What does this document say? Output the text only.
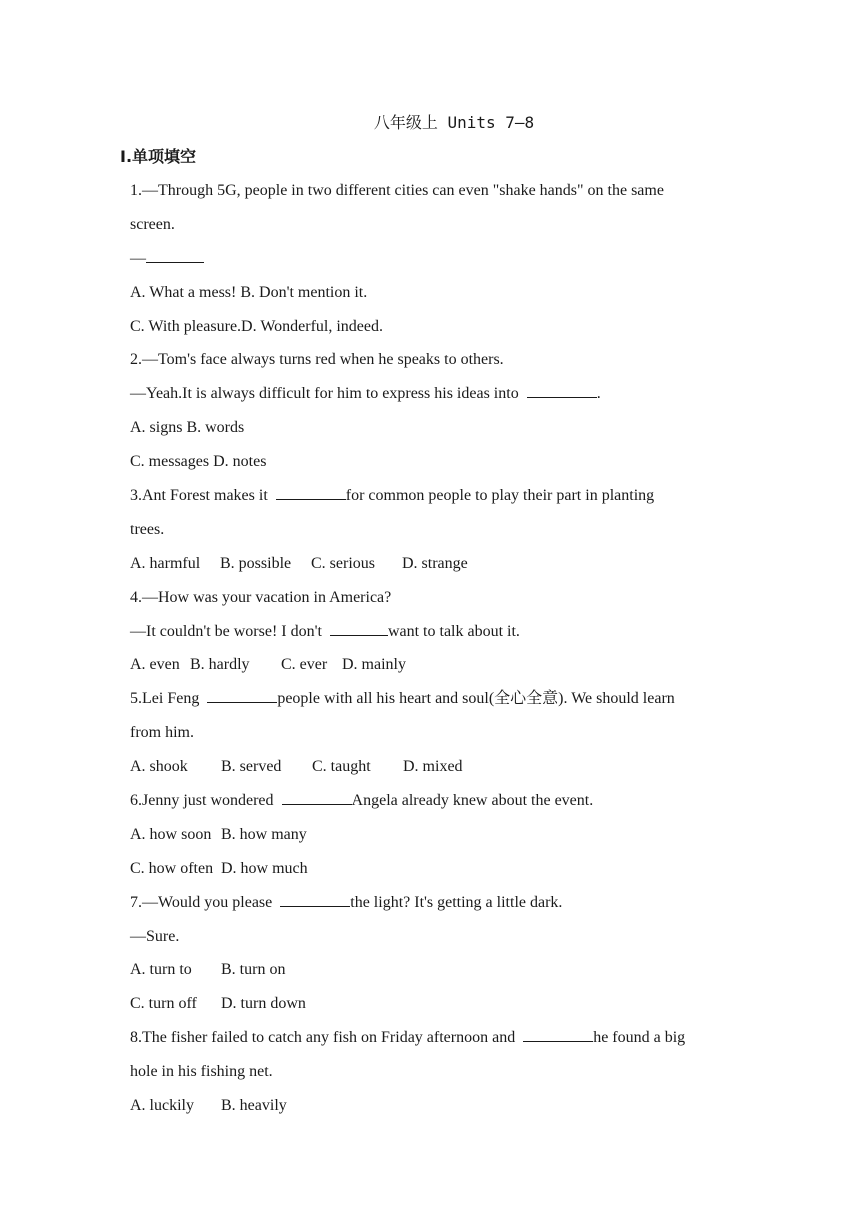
八年级上 Units 7—8
Ⅰ.单项填空
1.—Through 5G, people in two different cities can even "shake hands" on the same
screen.
—
A. What a mess! B. Don't mention it.
C. With pleasure.D. Wonderful, indeed.
2.—Tom's face always turns red when he speaks to others.
—Yeah.It is always difficult for him to express his ideas into	.
A. signs B. words
C. messages D. notes
3.Ant Forest makes it	for common people to play their part in planting
trees.
A. harmful B. possible C. serious D. strange
4.—How was your vacation in America?
—It couldn't be worse! I don't	want to talk about it.
A. even B. hardly C. ever D. mainly
5.Lei Feng	people with all his heart and soul(全心全意). We should learn
from him.
A. shook B. served C. taught D. mixed
6.Jenny just wondered	Angela already knew about the event.
A. how soon B. how many
C. how often D. how much
7.—Would you please	the light? It's getting a little dark.
—Sure.
A. turn to B. turn on
C. turn off D. turn down
8.The fisher failed to catch any fish on Friday afternoon and	he found a big
hole in his fishing net.
A. luckily B. heavily
